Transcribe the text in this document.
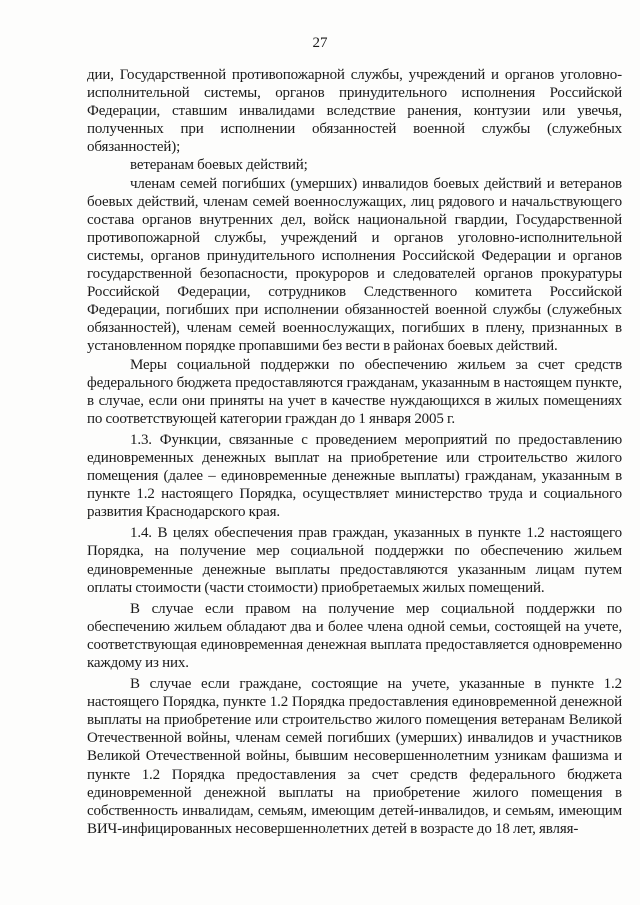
27

дии, Государственной противопожарной службы, учреждений и органов уголовно-исполнительной системы, органов принудительного исполнения Российской Федерации, ставшим инвалидами вследствие ранения, контузии или увечья, полученных при исполнении обязанностей военной службы (служебных обязанностей);

ветеранам боевых действий;

членам семей погибших (умерших) инвалидов боевых действий и ветеранов боевых действий, членам семей военнослужащих, лиц рядового и начальствующего состава органов внутренних дел, войск национальной гвардии, Государственной противопожарной службы, учреждений и органов уголовно-исполнительной системы, органов принудительного исполнения Российской Федерации и органов государственной безопасности, прокуроров и следователей органов прокуратуры Российской Федерации, сотрудников Следственного комитета Российской Федерации, погибших при исполнении обязанностей военной службы (служебных обязанностей), членам семей военнослужащих, погибших в плену, признанных в установленном порядке пропавшими без вести в районах боевых действий.

Меры социальной поддержки по обеспечению жильем за счет средств федерального бюджета предоставляются гражданам, указанным в настоящем пункте, в случае, если они приняты на учет в качестве нуждающихся в жилых помещениях по соответствующей категории граждан до 1 января 2005 г.

1.3. Функции, связанные с проведением мероприятий по предоставлению единовременных денежных выплат на приобретение или строительство жилого помещения (далее – единовременные денежные выплаты) гражданам, указанным в пункте 1.2 настоящего Порядка, осуществляет министерство труда и социального развития Краснодарского края.

1.4. В целях обеспечения прав граждан, указанных в пункте 1.2 настоящего Порядка, на получение мер социальной поддержки по обеспечению жильем единовременные денежные выплаты предоставляются указанным лицам путем оплаты стоимости (части стоимости) приобретаемых жилых помещений.

В случае если правом на получение мер социальной поддержки по обеспечению жильем обладают два и более члена одной семьи, состоящей на учете, соответствующая единовременная денежная выплата предоставляется одновременно каждому из них.

В случае если граждане, состоящие на учете, указанные в пункте 1.2 настоящего Порядка, пункте 1.2 Порядка предоставления единовременной денежной выплаты на приобретение или строительство жилого помещения ветеранам Великой Отечественной войны, членам семей погибших (умерших) инвалидов и участников Великой Отечественной войны, бывшим несовершеннолетним узникам фашизма и пункте 1.2 Порядка предоставления за счет средств федерального бюджета единовременной денежной выплаты на приобретение жилого помещения в собственность инвалидам, семьям, имеющим детей-инвалидов, и семьям, имеющим ВИЧ-инфицированных несовершеннолетних детей в возрасте до 18 лет, являя-
